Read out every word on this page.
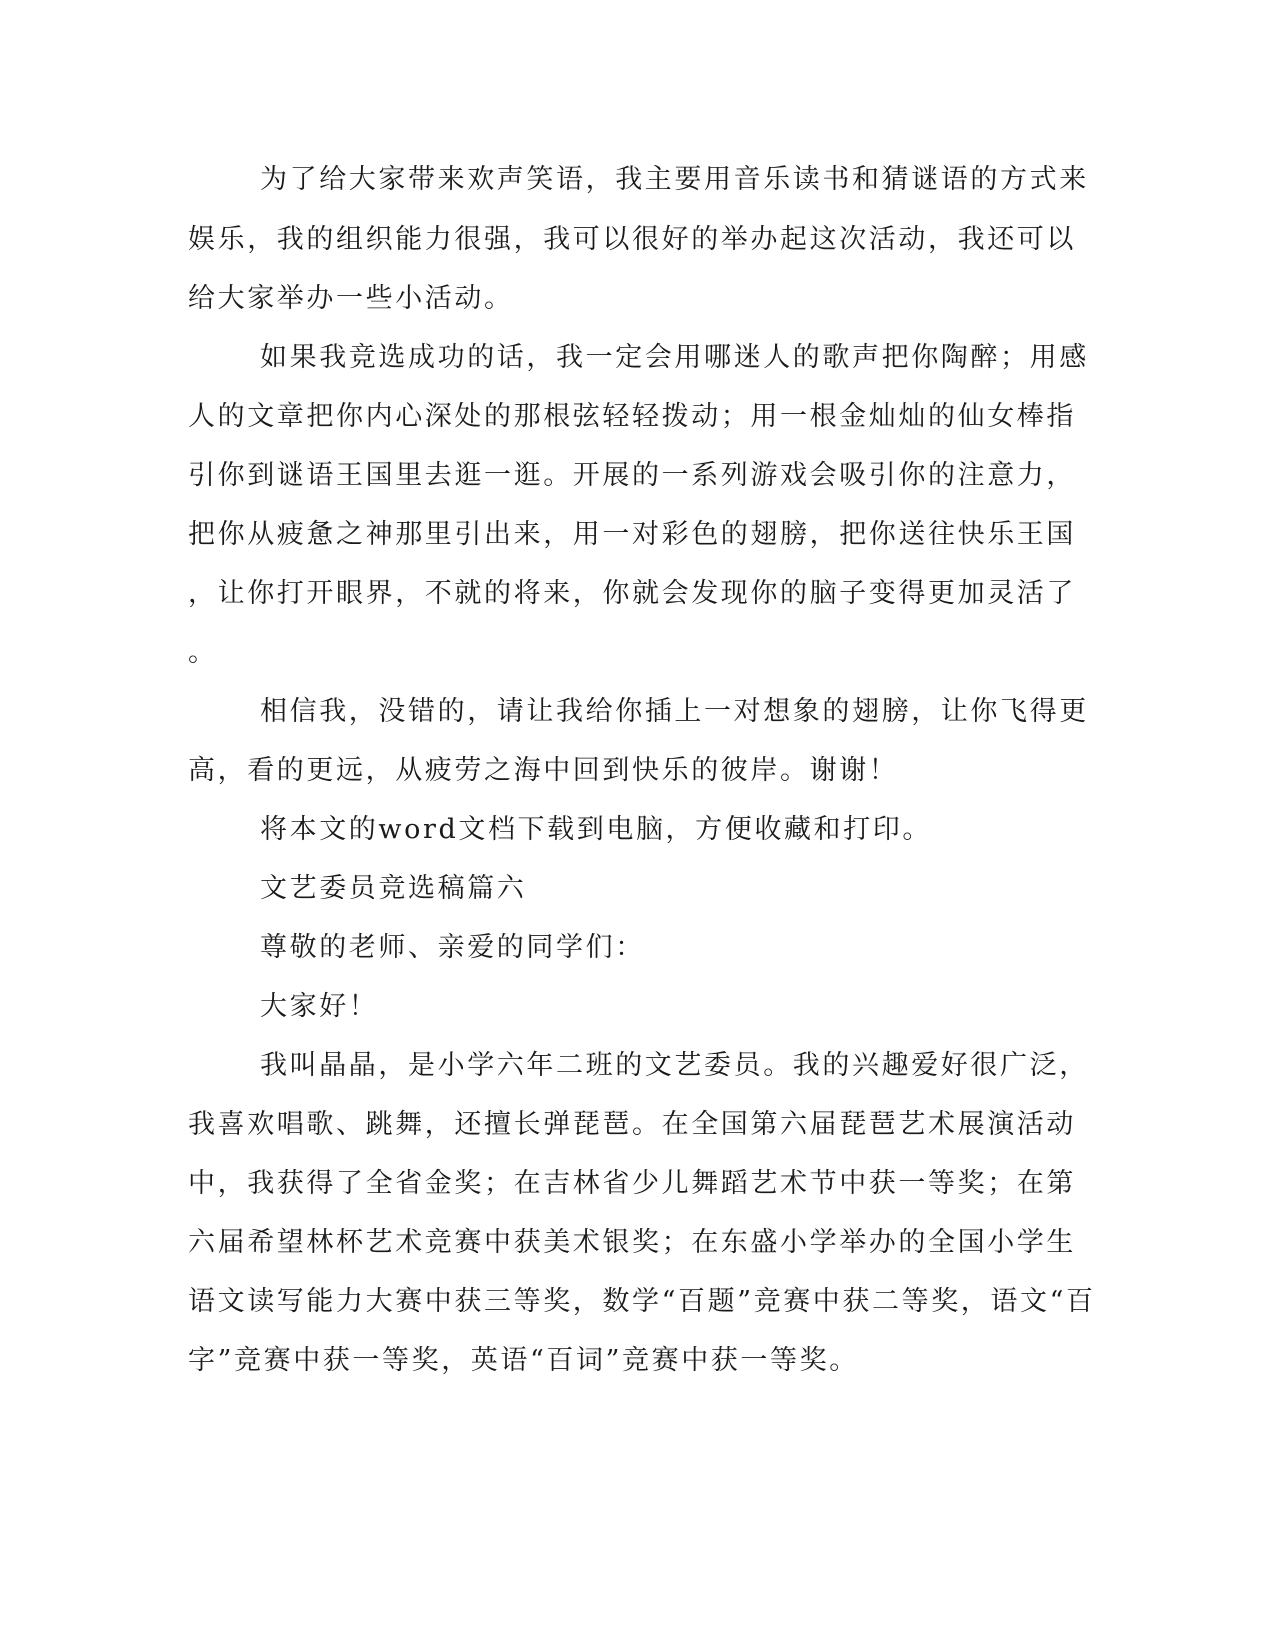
为了给大家带来欢声笑语，我主要用音乐读书和猜谜语的方式来
娱乐，我的组织能力很强，我可以很好的举办起这次活动，我还可以
给大家举办一些小活动。
如果我竞选成功的话，我一定会用哪迷人的歌声把你陶醉；用感
人的文章把你内心深处的那根弦轻轻拨动；用一根金灿灿的仙女棒指
引你到谜语王国里去逛一逛。开展的一系列游戏会吸引你的注意力，
把你从疲惫之神那里引出来，用一对彩色的翅膀，把你送往快乐王国
，让你打开眼界，不就的将来，你就会发现你的脑子变得更加灵活了
。
相信我，没错的，请让我给你插上一对想象的翅膀，让你飞得更
高，看的更远，从疲劳之海中回到快乐的彼岸。谢谢！
将本文的word文档下载到电脑，方便收藏和打印。
文艺委员竞选稿篇六
尊敬的老师、亲爱的同学们：
大家好！
我叫晶晶，是小学六年二班的文艺委员。我的兴趣爱好很广泛，
我喜欢唱歌、跳舞，还擅长弹琵琶。在全国第六届琵琶艺术展演活动
中，我获得了全省金奖；在吉林省少儿舞蹈艺术节中获一等奖；在第
六届希望林杯艺术竞赛中获美术银奖；在东盛小学举办的全国小学生
语文读写能力大赛中获三等奖，数学“百题”竞赛中获二等奖，语文“百
字”竞赛中获一等奖，英语“百词”竞赛中获一等奖。
